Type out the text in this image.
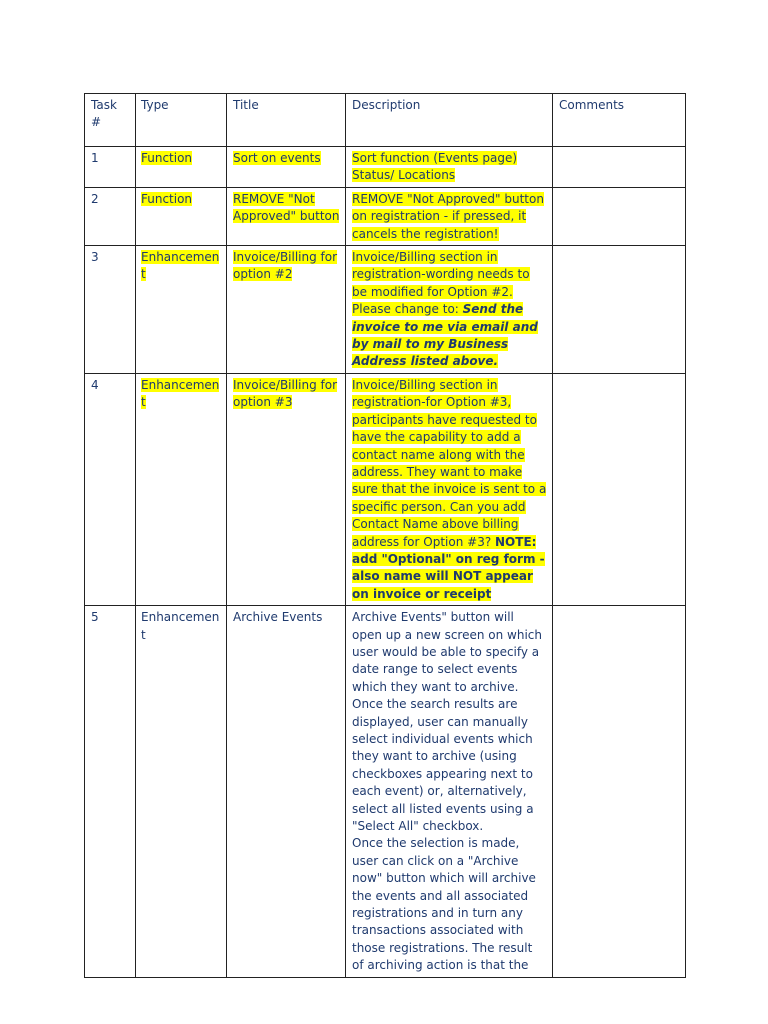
Task #	Type	Title	Description	Comments
1	Function	Sort on events	Sort function (Events page)
Status/ Locations	
2	Function	REMOVE "Not Approved" button	REMOVE "Not Approved" button on registration - if pressed, it cancels the registration!	
3	Enhancement	Invoice/Billing for option #2	Invoice/Billing section in registration-wording needs to be modified for Option #2. Please change to: Send the invoice to me via email and by mail to my Business Address listed above.	
4	Enhancement	Invoice/Billing for option #3	Invoice/Billing section in registration-for Option #3, participants have requested to have the capability to add a contact name along with the address. They want to make sure that the invoice is sent to a specific person. Can you add Contact Name above billing address for Option #3? NOTE: add "Optional" on reg form - also name will NOT appear on invoice or receipt	
5	Enhancement	Archive Events	Archive Events" button will open up a new screen on which user would be able to specify a date range to select events which they want to archive. Once the search results are displayed, user can manually select individual events which they want to archive (using checkboxes appearing next to each event) or, alternatively, select all listed events using a "Select All" checkbox.
Once the selection is made, user can click on a "Archive now" button which will archive the events and all associated registrations and in turn any transactions associated with those registrations. The result of archiving action is that the	
